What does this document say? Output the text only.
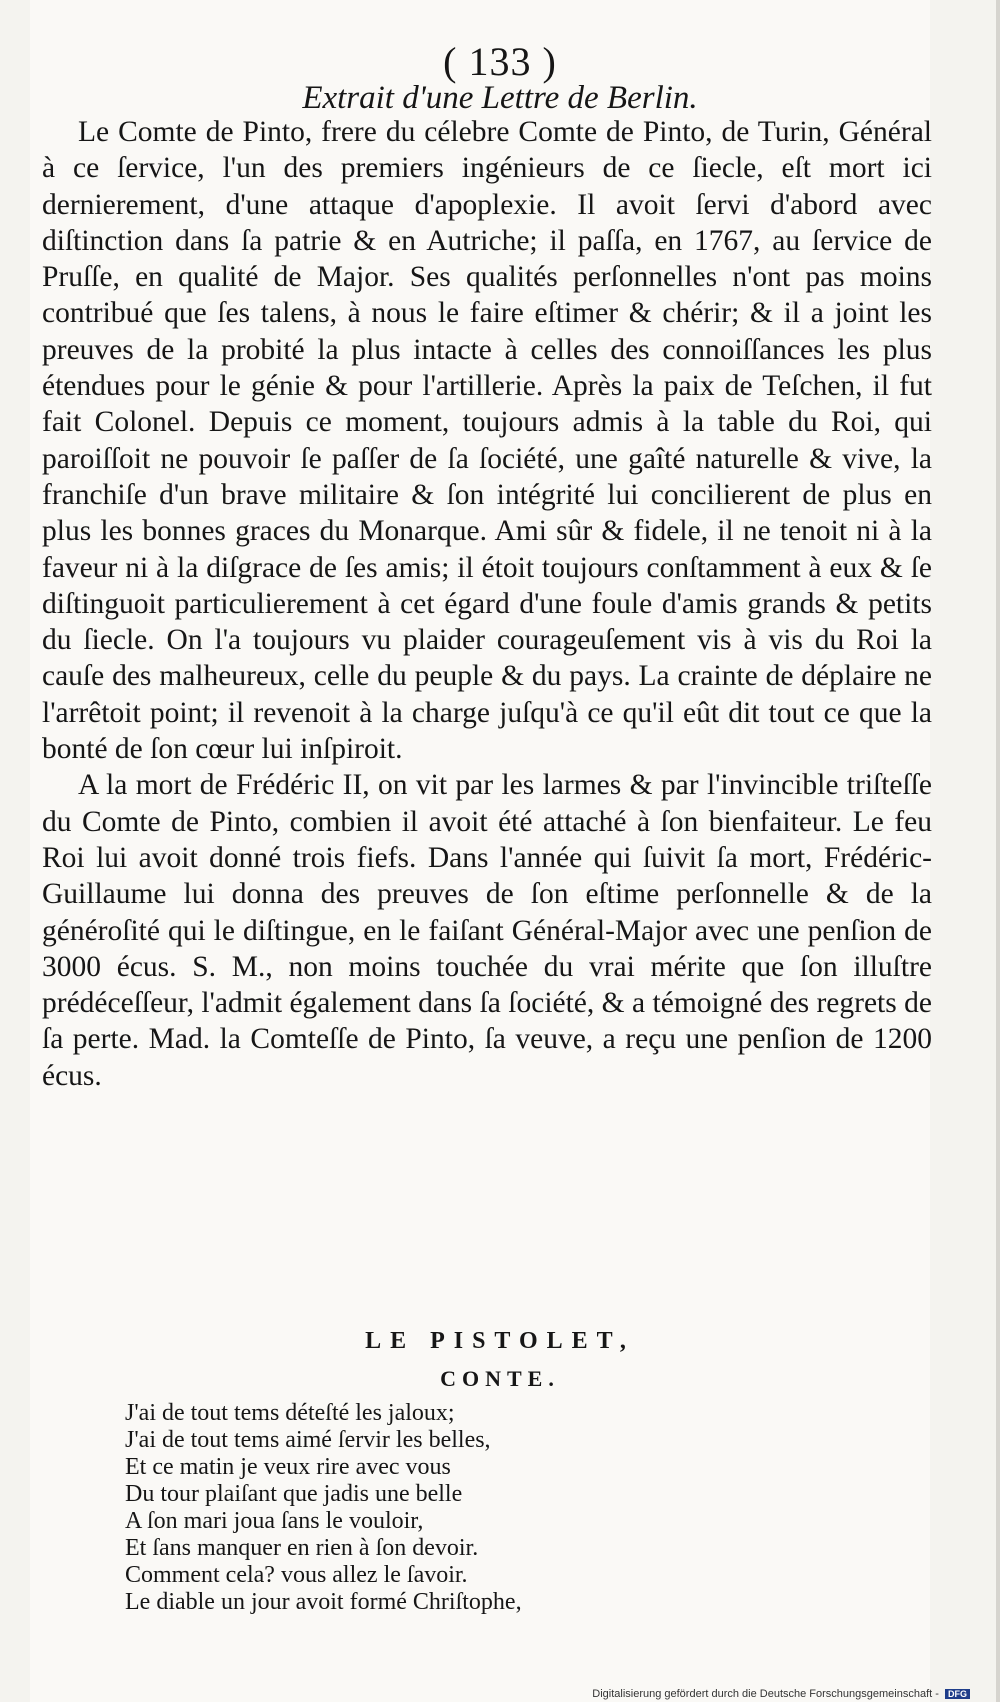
( 133 )
Extrait d'une Lettre de Berlin.

Le Comte de Pinto, frere du célebre Comte de Pinto, de Turin, Général à ce ſervice, l'un des premiers ingénieurs de ce ſiecle, eſt mort ici dernierement, d'une attaque d'apoplexie. Il avoit ſervi d'abord avec diſtinction dans ſa patrie & en Autriche; il paſſa, en 1767, au ſervice de Pruſſe, en qualité de Major. Ses qualités perſonnelles n'ont pas moins contribué que ſes talens, à nous le faire eſtimer & chérir; & il a joint les preuves de la probité la plus intacte à celles des connoiſſances les plus étendues pour le génie & pour l'artillerie. Après la paix de Teſchen, il fut fait Colonel. Depuis ce moment, toujours admis à la table du Roi, qui paroiſſoit ne pouvoir ſe paſſer de ſa ſociété, une gaîté naturelle & vive, la franchiſe d'un brave militaire & ſon intégrité lui concilierent de plus en plus les bonnes graces du Monarque. Ami sûr & fidele, il ne tenoit ni à la faveur ni à la diſgrace de ſes amis; il étoit toujours conſtamment à eux & ſe diſtinguoit particulierement à cet égard d'une foule d'amis grands & petits du ſiecle. On l'a toujours vu plaider courageuſement vis à vis du Roi la cauſe des malheureux, celle du peuple & du pays. La crainte de déplaire ne l'arrêtoit point; il revenoit à la charge juſqu'à ce qu'il eût dit tout ce que la bonté de ſon cœur lui inſpiroit.

A la mort de Frédéric II, on vit par les larmes & par l'invincible triſteſſe du Comte de Pinto, combien il avoit été attaché à ſon bienfaiteur. Le feu Roi lui avoit donné trois fiefs. Dans l'année qui ſuivit ſa mort, Frédéric-Guillaume lui donna des preuves de ſon eſtime perſonnelle & de la généroſité qui le diſtingue, en le faiſant Général-Major avec une penſion de 3000 écus. S. M., non moins touchée du vrai mérite que ſon illuſtre prédéceſſeur, l'admit également dans ſa ſociété, & a témoigné des regrets de ſa perte. Mad. la Comteſſe de Pinto, ſa veuve, a reçu une penſion de 1200 écus.

LE PISTOLET,
CONTE.
J'ai de tout tems déteſté les jaloux;
J'ai de tout tems aimé ſervir les belles,
Et ce matin je veux rire avec vous
Du tour plaiſant que jadis une belle
A ſon mari joua ſans le vouloir,
Et ſans manquer en rien à ſon devoir.
Comment cela? vous allez le ſavoir.
Le diable un jour avoit formé Chriſtophe,
Digitalisierung gefördert durch die Deutsche Forschungsgemeinschaft - DFG
